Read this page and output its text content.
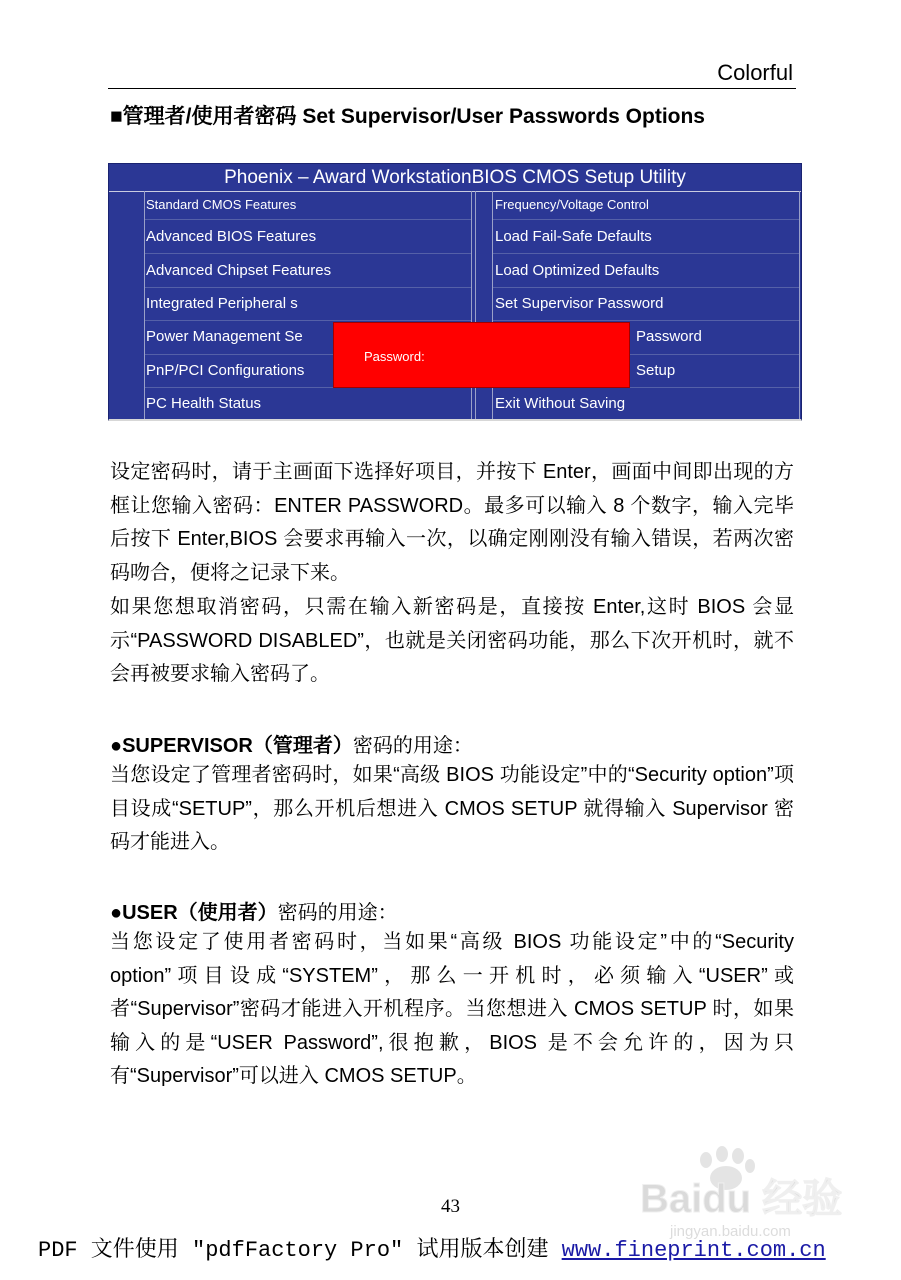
Colorful
■管理者/使用者密码 Set Supervisor/User Passwords Options
Phoenix – Award WorkstationBIOS CMOS Setup Utility
Standard CMOS Features
Advanced BIOS Features
Advanced Chipset Features
Integrated Peripheral s
Power Management Se
PnP/PCI Configurations
PC Health Status
Frequency/Voltage Control
Load Fail-Safe Defaults
Load Optimized Defaults
Set Supervisor Password
Password
Setup
Exit Without Saving
Password:
设定密码时，请于主画面下选择好项目，并按下 Enter，画面中间即出现的方框让您输入密码：ENTER PASSWORD。最多可以输入 8 个数字，输入完毕后按下 Enter,BIOS 会要求再输入一次，以确定刚刚没有输入错误，若两次密码吻合，便将之记录下来。
如果您想取消密码，只需在输入新密码是，直接按 Enter,这时 BIOS 会显示“PASSWORD DISABLED”，也就是关闭密码功能，那么下次开机时，就不会再被要求输入密码了。
●SUPERVISOR（管理者）密码的用途：
当您设定了管理者密码时，如果“高级 BIOS 功能设定”中的“Security option”项目设成“SETUP”，那么开机后想进入 CMOS SETUP 就得输入 Supervisor 密码才能进入。
●USER（使用者）密码的用途：
当您设定了使用者密码时，当如果“高级 BIOS 功能设定”中的“Security option”项目设成“SYSTEM”，那么一开机时，必须输入“USER”或者“Supervisor”密码才能进入开机程序。当您想进入 CMOS SETUP 时，如果输入的是“USER Password”,很抱歉，BIOS 是不会允许的，因为只有“Supervisor”可以进入 CMOS SETUP。
Baidu 经验
jingyan.baidu.com
43
PDF 文件使用 "pdfFactory Pro" 试用版本创建 www.fineprint.com.cn
